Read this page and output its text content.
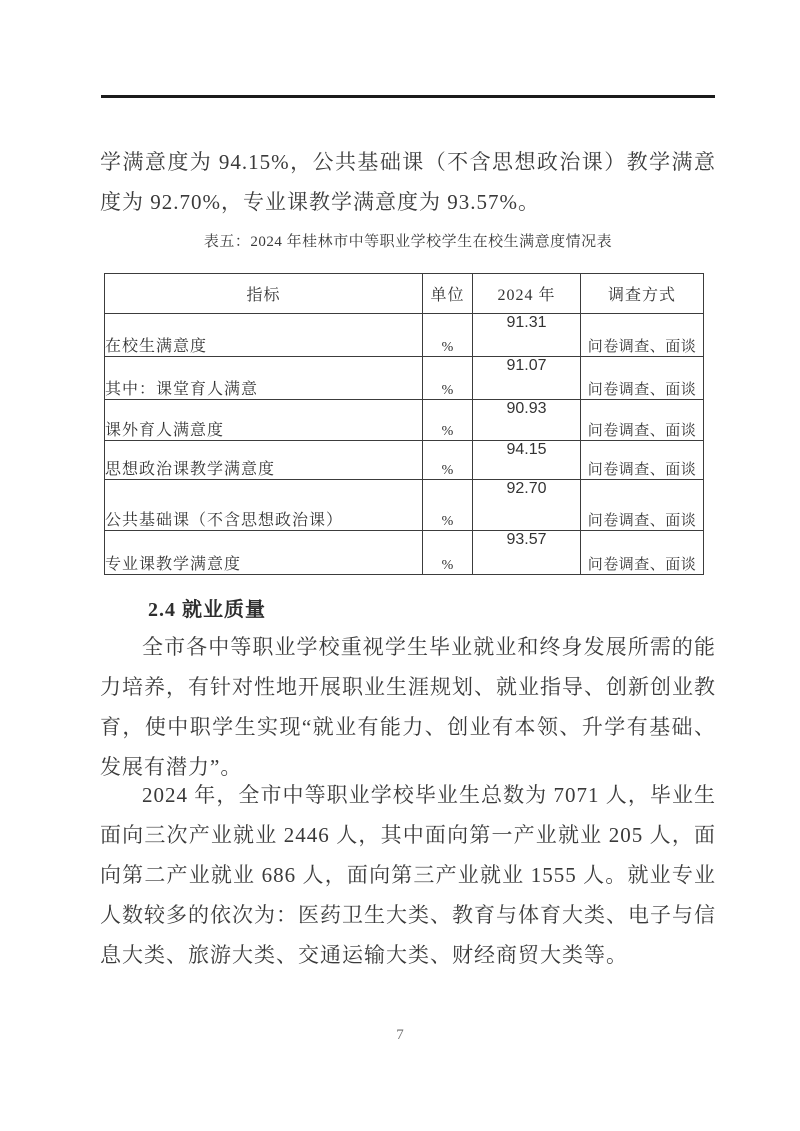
学满意度为 94.15%，公共基础课（不含思想政治课）教学满意度为 92.70%，专业课教学满意度为 93.57%。
表五：2024 年桂林市中等职业学校学生在校生满意度情况表
指标	单位	2024 年	调查方式
在校生满意度	%	91.31	问卷调查、面谈
其中：课堂育人满意	%	91.07	问卷调查、面谈
课外育人满意度	%	90.93	问卷调查、面谈
思想政治课教学满意度	%	94.15	问卷调查、面谈
公共基础课（不含思想政治课）	%	92.70	问卷调查、面谈
专业课教学满意度	%	93.57	问卷调查、面谈
2.4 就业质量
全市各中等职业学校重视学生毕业就业和终身发展所需的能力培养，有针对性地开展职业生涯规划、就业指导、创新创业教育，使中职学生实现“就业有能力、创业有本领、升学有基础、发展有潜力”。
2024 年，全市中等职业学校毕业生总数为 7071 人，毕业生面向三次产业就业 2446 人，其中面向第一产业就业 205 人，面向第二产业就业 686 人，面向第三产业就业 1555 人。就业专业人数较多的依次为：医药卫生大类、教育与体育大类、电子与信息大类、旅游大类、交通运输大类、财经商贸大类等。
7
